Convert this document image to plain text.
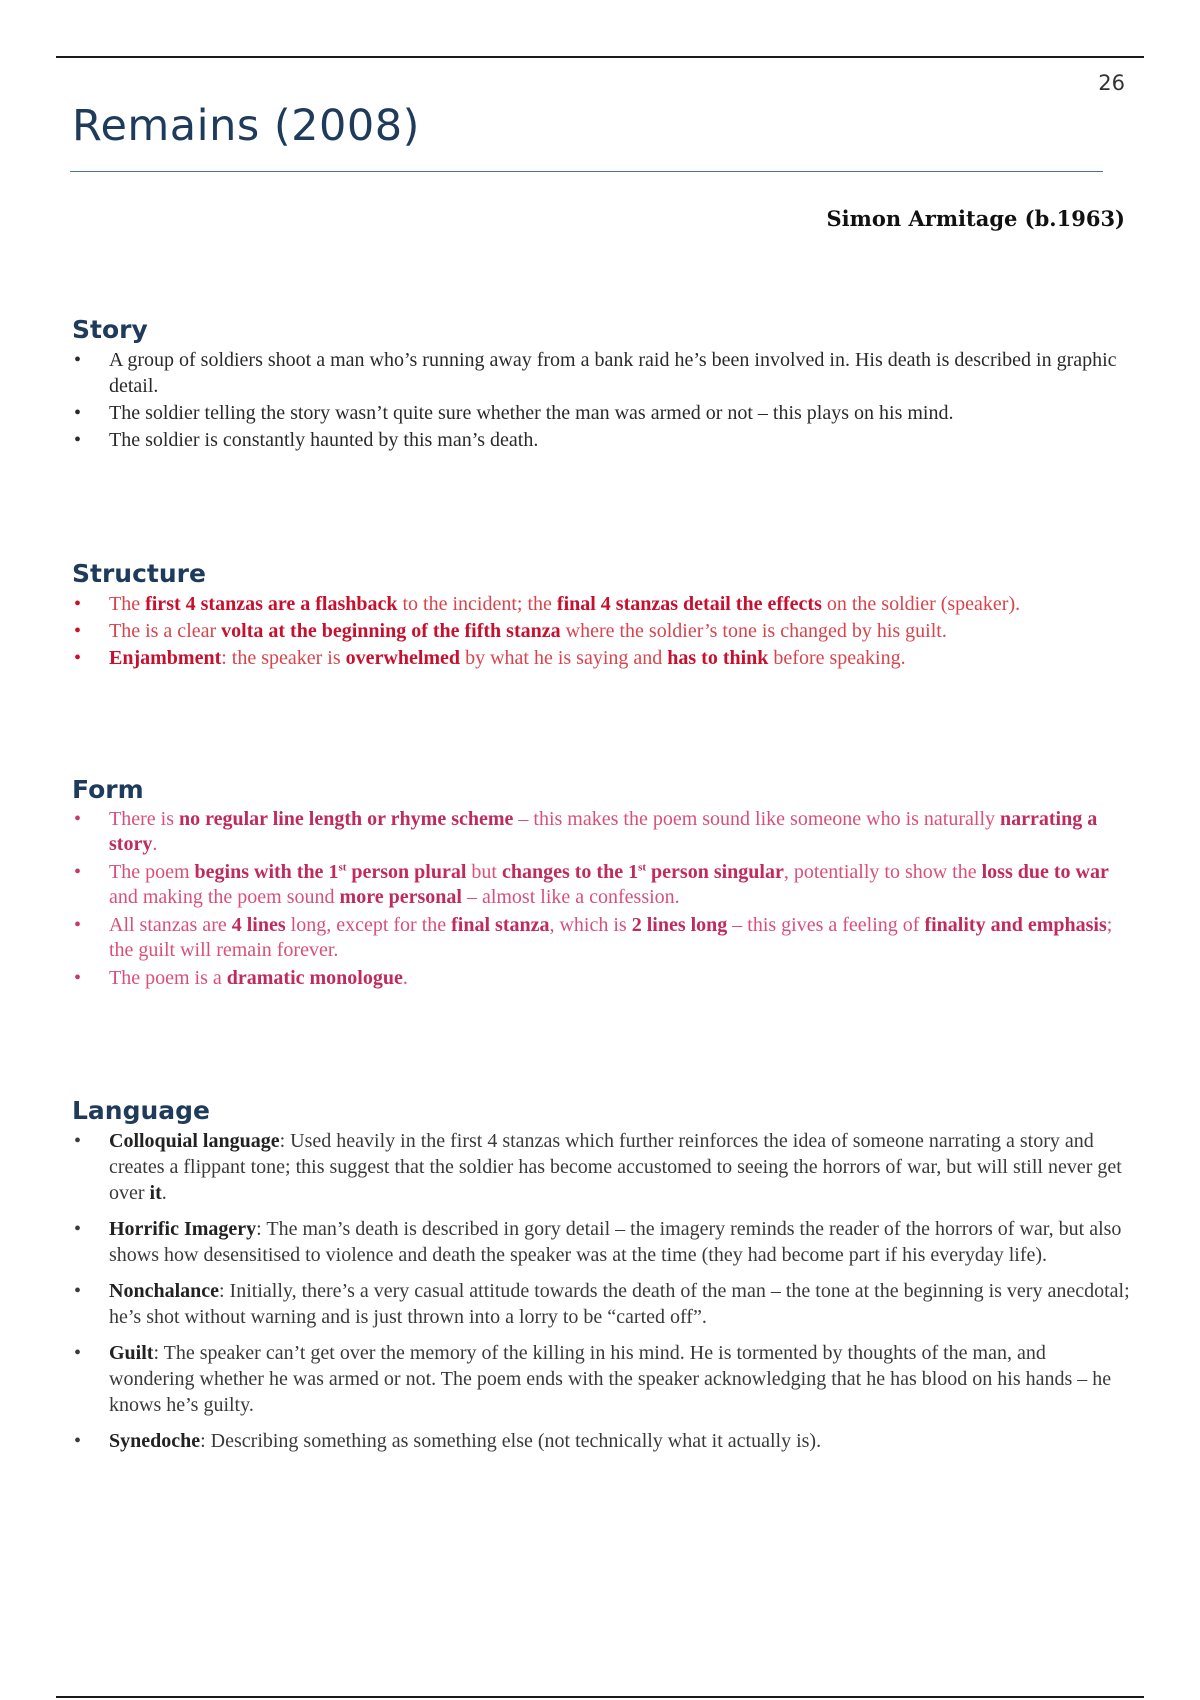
26
Remains (2008)
Simon Armitage (b.1963)
Story
• A group of soldiers shoot a man who’s running away from a bank raid he’s been involved in. His death is described in graphic detail.
• The soldier telling the story wasn’t quite sure whether the man was armed or not – this plays on his mind.
• The soldier is constantly haunted by this man’s death.
Structure
• The first 4 stanzas are a flashback to the incident; the final 4 stanzas detail the effects on the soldier (speaker).
• The is a clear volta at the beginning of the fifth stanza where the soldier’s tone is changed by his guilt.
• Enjambment: the speaker is overwhelmed by what he is saying and has to think before speaking.
Form
• There is no regular line length or rhyme scheme – this makes the poem sound like someone who is naturally narrating a story.
• The poem begins with the 1st person plural but changes to the 1st person singular, potentially to show the loss due to war and making the poem sound more personal – almost like a confession.
• All stanzas are 4 lines long, except for the final stanza, which is 2 lines long – this gives a feeling of finality and emphasis; the guilt will remain forever.
• The poem is a dramatic monologue.
Language
• Colloquial language: Used heavily in the first 4 stanzas which further reinforces the idea of someone narrating a story and creates a flippant tone; this suggest that the soldier has become accustomed to seeing the horrors of war, but will still never get over it.
• Horrific Imagery: The man’s death is described in gory detail – the imagery reminds the reader of the horrors of war, but also shows how desensitised to violence and death the speaker was at the time (they had become part if his everyday life).
• Nonchalance: Initially, there’s a very casual attitude towards the death of the man – the tone at the beginning is very anecdotal; he’s shot without warning and is just thrown into a lorry to be “carted off”.
• Guilt: The speaker can’t get over the memory of the killing in his mind. He is tormented by thoughts of the man, and wondering whether he was armed or not. The poem ends with the speaker acknowledging that he has blood on his hands – he knows he’s guilty.
• Synedoche: Describing something as something else (not technically what it actually is).
